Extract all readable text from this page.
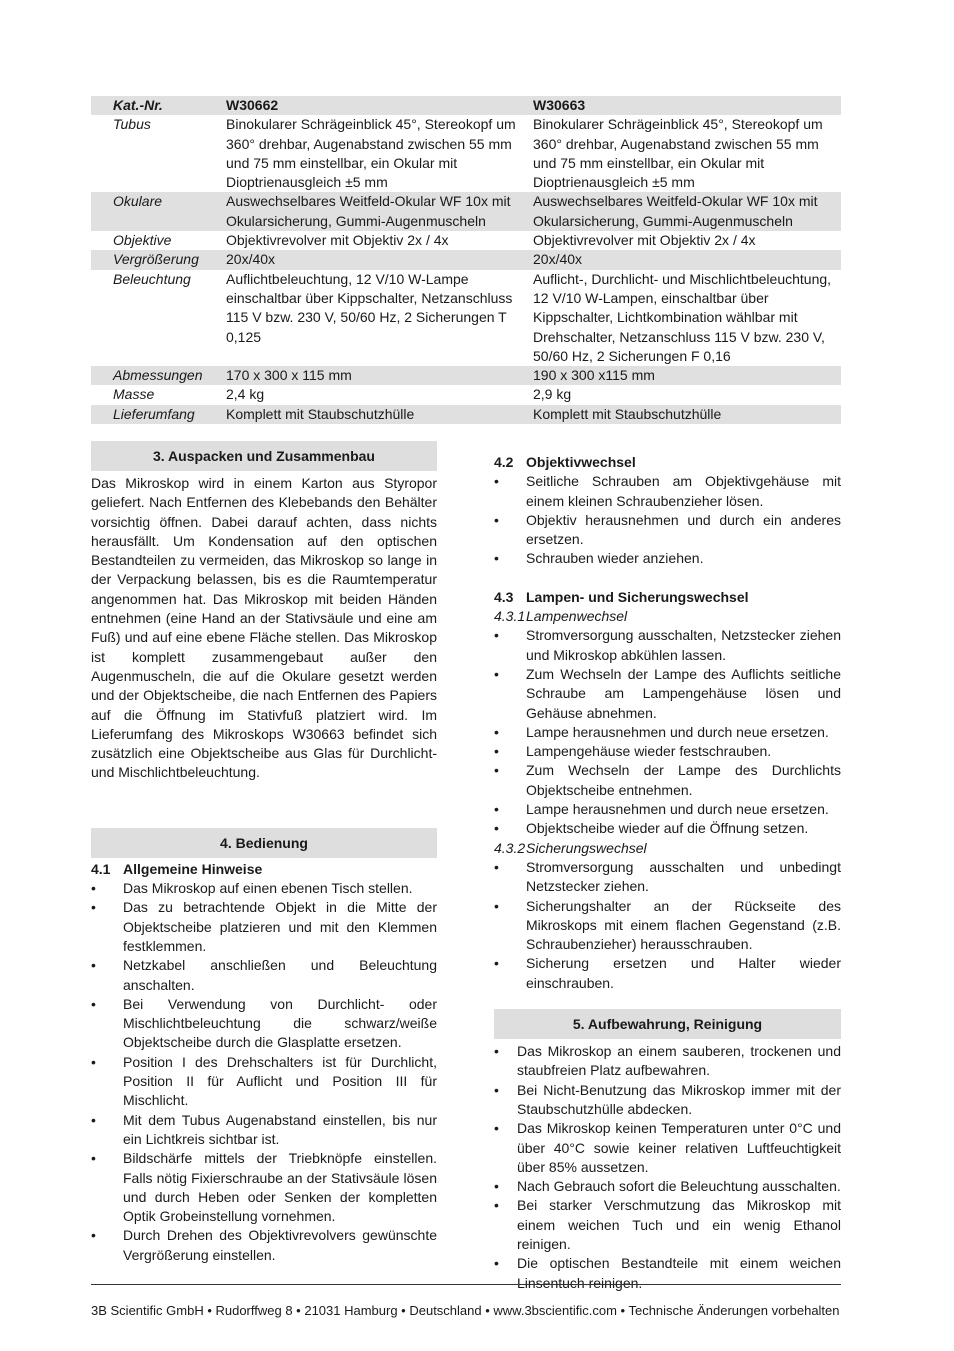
Kat.-Nr.	W30662	W30663
Tubus	Binokularer Schrägeinblick 45°, Stereokopf um 360° drehbar, Augenabstand zwischen 55 mm und 75 mm einstellbar, ein Okular mit Dioptrienausgleich ±5 mm	Binokularer Schrägeinblick 45°, Stereokopf um 360° drehbar, Augenabstand zwischen 55 mm und 75 mm einstellbar, ein Okular mit Dioptrienausgleich ±5 mm
Okulare	Auswechselbares Weitfeld-Okular WF 10x mit Okularsicherung, Gummi-Augenmuscheln	Auswechselbares Weitfeld-Okular WF 10x mit Okularsicherung, Gummi-Augenmuscheln
Objektive	Objektivrevolver mit Objektiv 2x / 4x	Objektivrevolver mit Objektiv 2x / 4x
Vergrößerung	20x/40x	20x/40x
Beleuchtung	Auflichtbeleuchtung, 12 V/10 W-Lampe einschaltbar über Kippschalter, Netzanschluss 115 V bzw. 230 V, 50/60 Hz, 2 Sicherungen T 0,125	Auflicht-, Durchlicht- und Mischlichtbeleuchtung, 12 V/10 W-Lampen, einschaltbar über Kippschalter, Lichtkombination wählbar mit Drehschalter, Netzanschluss 115 V bzw. 230 V, 50/60 Hz, 2 Sicherungen F 0,16
Abmessungen	170 x 300 x 115 mm	190 x 300 x115 mm
Masse	2,4 kg	2,9 kg
Lieferumfang	Komplett mit Staubschutzhülle	Komplett mit Staubschutzhülle
3. Auspacken und Zusammenbau

Das Mikroskop wird in einem Karton aus Styropor geliefert. Nach Entfernen des Klebebands den Behälter vorsichtig öffnen. Dabei darauf achten, dass nichts herausfällt. Um Kondensation auf den optischen Bestandteilen zu vermeiden, das Mikroskop so lange in der Verpackung belassen, bis es die Raumtemperatur angenommen hat. Das Mikroskop mit beiden Händen entnehmen (eine Hand an der Stativsäule und eine am Fuß) und auf eine ebene Fläche stellen. Das Mikroskop ist komplett zusammengebaut außer den Augenmuscheln, die auf die Okulare gesetzt werden und der Objektscheibe, die nach Entfernen des Papiers auf die Öffnung im Stativfuß platziert wird. Im Lieferumfang des Mikroskops W30663 befindet sich zusätzlich eine Objektscheibe aus Glas für Durchlicht- und Mischlichtbeleuchtung.

4. Bedienung

4.1 Allgemeine Hinweise

•	Das Mikroskop auf einen ebenen Tisch stellen.
•	Das zu betrachtende Objekt in die Mitte der Objektscheibe platzieren und mit den Klemmen festklemmen.
•	Netzkabel anschließen und Beleuchtung anschalten.
•	Bei Verwendung von Durchlicht- oder Mischlichtbeleuchtung die schwarz/weiße Objektscheibe durch die Glasplatte ersetzen.
•	Position I des Drehschalters ist für Durchlicht, Position II für Auflicht und Position III für Mischlicht.
•	Mit dem Tubus Augenabstand einstellen, bis nur ein Lichtkreis sichtbar ist.
•	Bildschärfe mittels der Triebknöpfe einstellen. Falls nötig Fixierschraube an der Stativsäule lösen und durch Heben oder Senken der kompletten Optik Grobeinstellung vornehmen.
•	Durch Drehen des Objektivrevolvers gewünschte Vergrößerung einstellen.

4.2 Objektivwechsel

•	Seitliche Schrauben am Objektivgehäuse mit einem kleinen Schraubenzieher lösen.
•	Objektiv herausnehmen und durch ein anderes ersetzen.
•	Schrauben wieder anziehen.

4.3 Lampen- und Sicherungswechsel

4.3.1Lampenwechsel

•	Stromversorgung ausschalten, Netzstecker ziehen und Mikroskop abkühlen lassen.
•	Zum Wechseln der Lampe des Auflichts seitliche Schraube am Lampengehäuse lösen und Gehäuse abnehmen.
•	Lampe herausnehmen und durch neue ersetzen.
•	Lampengehäuse wieder festschrauben.
•	Zum Wechseln der Lampe des Durchlichts Objektscheibe entnehmen.
•	Lampe herausnehmen und durch neue ersetzen.
•	Objektscheibe wieder auf die Öffnung setzen.

4.3.2Sicherungswechsel

•	Stromversorgung ausschalten und unbedingt Netzstecker ziehen.
•	Sicherungshalter an der Rückseite des Mikroskops mit einem flachen Gegenstand (z.B. Schraubenzieher) herausschrauben.
•	Sicherung ersetzen und Halter wieder einschrauben.
5. Aufbewahrung, Reinigung
•	Das Mikroskop an einem sauberen, trockenen und staubfreien Platz aufbewahren.
•	Bei Nicht-Benutzung das Mikroskop immer mit der Staubschutzhülle abdecken.
•	Das Mikroskop keinen Temperaturen unter 0°C und über 40°C sowie keiner relativen Luftfeuchtigkeit über 85% aussetzen.
•	Nach Gebrauch sofort die Beleuchtung ausschalten.
•	Bei starker Verschmutzung das Mikroskop mit einem weichen Tuch und ein wenig Ethanol reinigen.
•	Die optischen Bestandteile mit einem weichen Linsentuch reinigen.
3B Scientific GmbH • Rudorffweg 8 • 21031 Hamburg • Deutschland • www.3bscientific.com • Technische Änderungen vorbehalten
